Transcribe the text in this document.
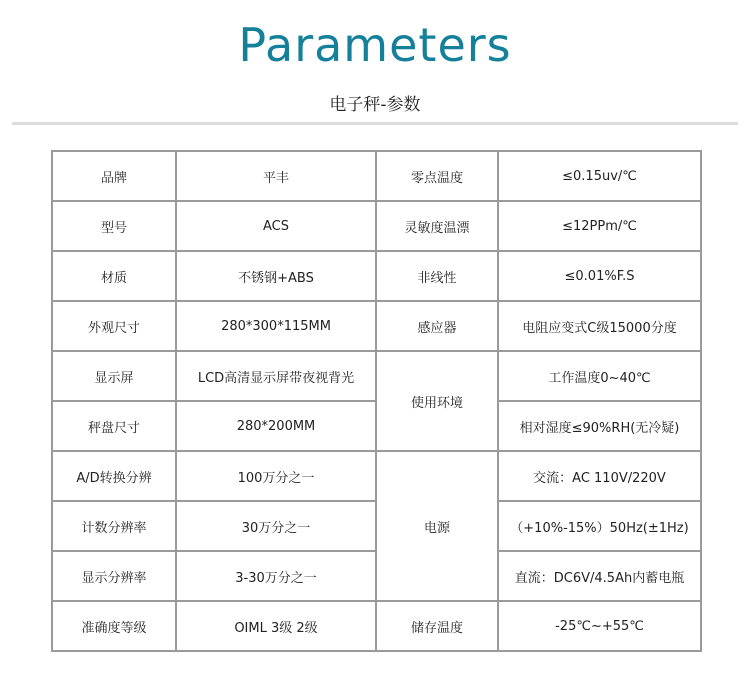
Parameters
电子秤-参数
品牌	平丰	零点温度	≤0.15uv/℃
型号	ACS	灵敏度温漂	≤12PPm/℃
材质	不锈钢+ABS	非线性	≤0.01%F.S
外观尺寸	280*300*115MM	感应器	电阻应变式C级15000分度
显示屏	LCD高清显示屏带夜视背光	使用环境	工作温度0~40℃
秤盘尺寸	280*200MM		相对湿度≤90%RH(无冷疑)
A/D转换分辨	100万分之一	电源	交流：AC 110V/220V
计数分辨率	30万分之一		（+10%-15%）50Hz(±1Hz)
显示分辨率	3-30万分之一		直流：DC6V/4.5Ah内蓄电瓶
准确度等级	OIML 3级 2级	储存温度	-25℃~+55℃
